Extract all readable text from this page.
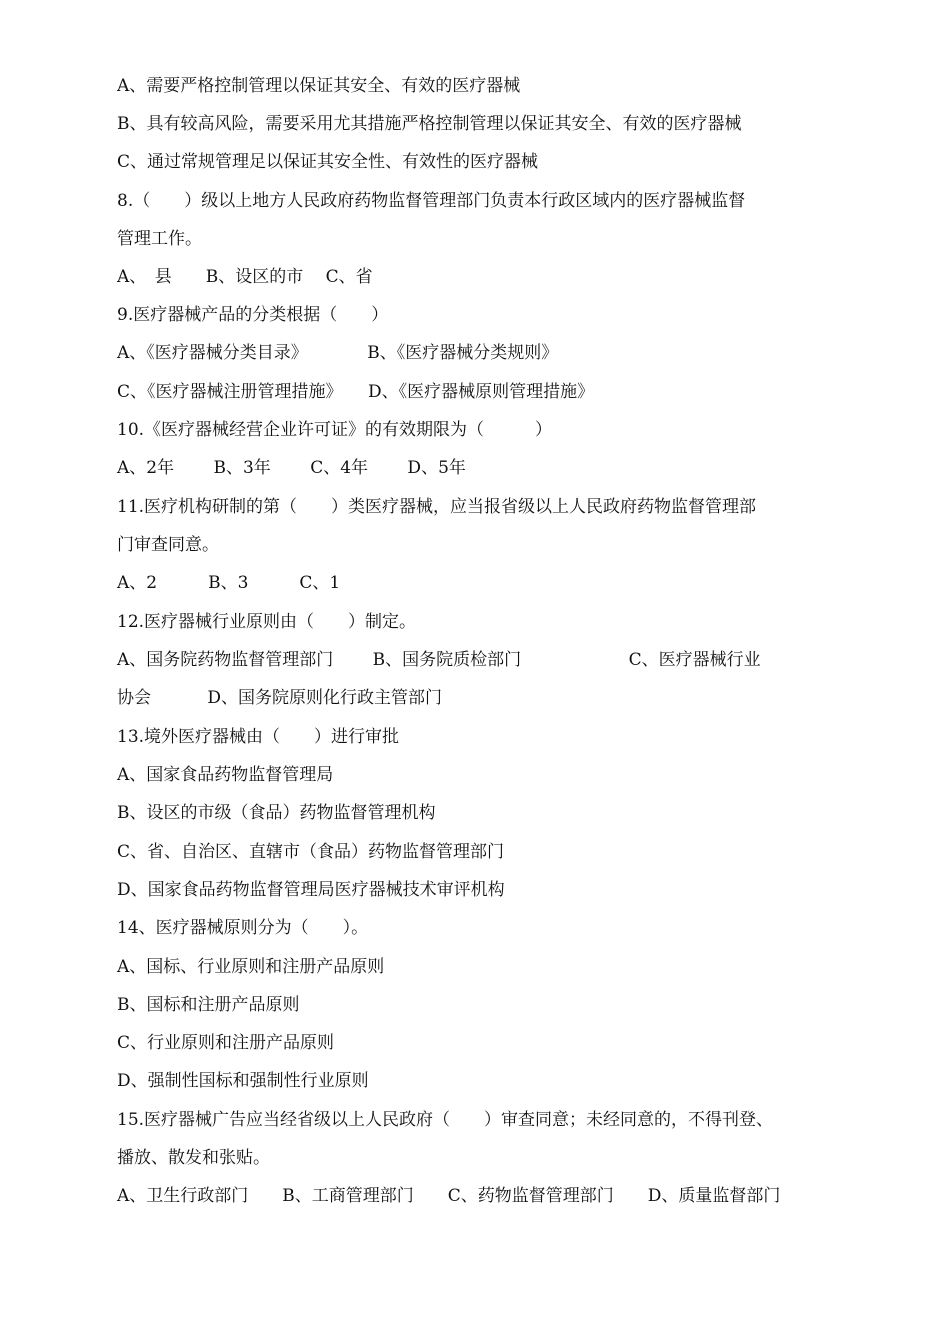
A、需要严格控制管理以保证其安全、有效的医疗器械
B、具有较高风险，需要采用尤其措施严格控制管理以保证其安全、有效的医疗器械
C、通过常规管理足以保证其安全性、有效性的医疗器械
8.（　　）级以上地方人民政府药物监督管理部门负责本行政区域内的医疗器械监督
管理工作。
A、　县　　B、设区的市　 C、省
9.医疗器械产品的分类根据（　　）
A、《医疗器械分类目录》　　　　B、《医疗器械分类规则》
C、《医疗器械注册管理措施》　　D、《医疗器械原则管理措施》
10.《医疗器械经营企业许可证》的有效期限为（　　　）
A、2年　　 B、3年　　 C、4年　　 D、5年
11.医疗机构研制的第（　　）类医疗器械，应当报省级以上人民政府药物监督管理部
门审查同意。
A、2　　　B、3　　　C、1
12.医疗器械行业原则由（　　）制定。
A、国务院药物监督管理部门　　 B、国务院质检部门　　　　　　 C、医疗器械行业
协会　　　 D、国务院原则化行政主管部门
13.境外医疗器械由（　　）进行审批
A、国家食品药物监督管理局
B、设区的市级（食品）药物监督管理机构
C、省、自治区、直辖市（食品）药物监督管理部门
D、国家食品药物监督管理局医疗器械技术审评机构
14、医疗器械原则分为（　　）。
A、国标、行业原则和注册产品原则
B、国标和注册产品原则
C、行业原则和注册产品原则
D、强制性国标和强制性行业原则
15.医疗器械广告应当经省级以上人民政府（　　）审查同意；未经同意的，不得刊登、
播放、散发和张贴。
A、卫生行政部门　　B、工商管理部门　　C、药物监督管理部门　　D、质量监督部门
